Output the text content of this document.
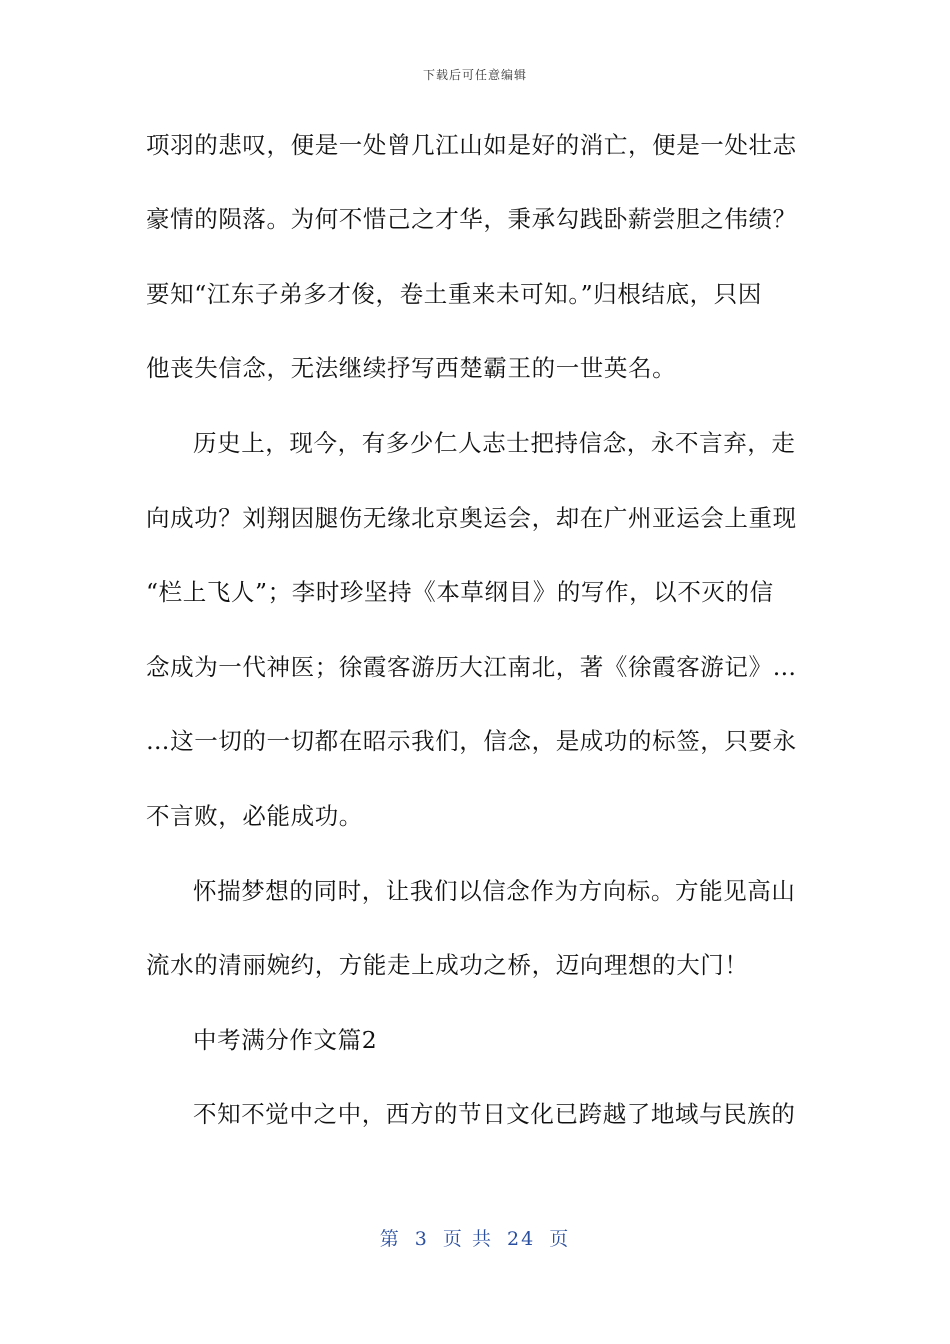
下载后可任意编辑
项羽的悲叹，便是一处曾几江山如是好的消亡，便是一处壮志
豪情的陨落。为何不惜己之才华，秉承勾践卧薪尝胆之伟绩？
要知“江东子弟多才俊，卷土重来未可知。”归根结底，只因
他丧失信念，无法继续抒写西楚霸王的一世英名。
历史上，现今，有多少仁人志士把持信念，永不言弃，走
向成功？刘翔因腿伤无缘北京奥运会，却在广州亚运会上重现
“栏上飞人”；李时珍坚持《本草纲目》的写作，以不灭的信
念成为一代神医；徐霞客游历大江南北，著《徐霞客游记》…
…这一切的一切都在昭示我们，信念，是成功的标签，只要永
不言败，必能成功。
怀揣梦想的同时，让我们以信念作为方向标。方能见高山
流水的清丽婉约，方能走上成功之桥，迈向理想的大门！
中考满分作文篇2
不知不觉中之中，西方的节日文化已跨越了地域与民族的
第 3 页 共 24 页
